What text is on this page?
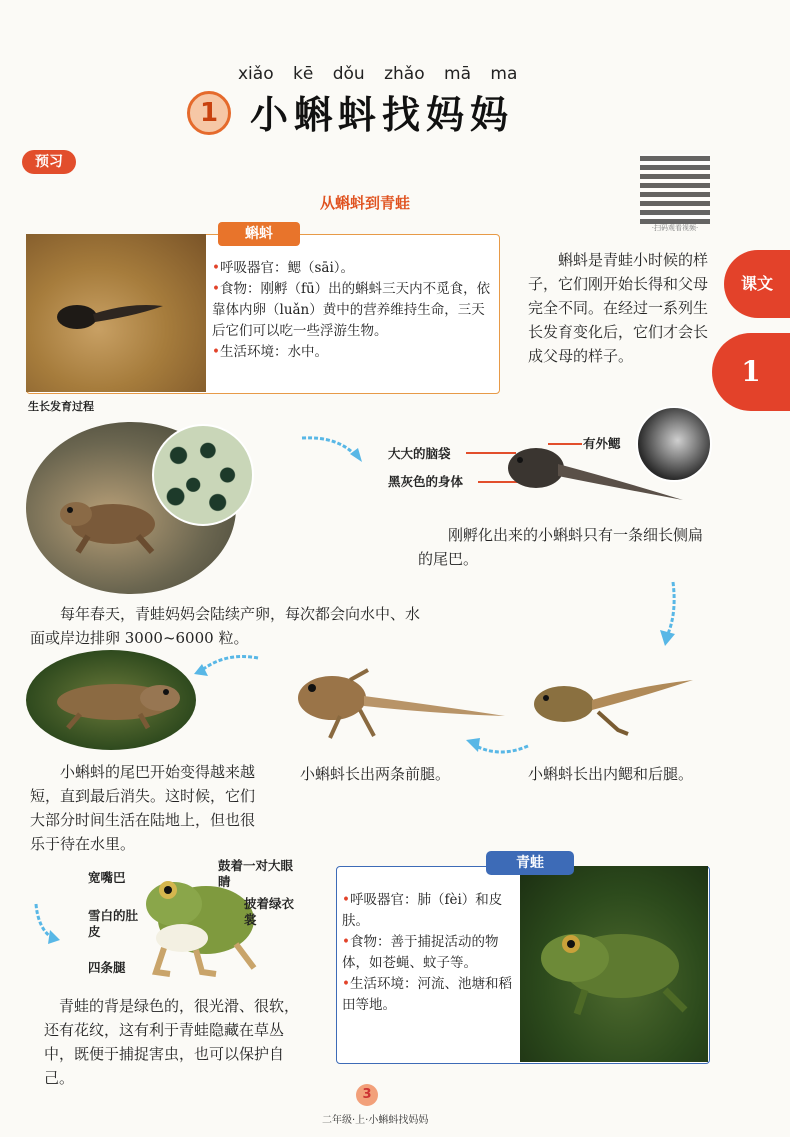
xiǎo kē dǒu zhǎo mā ma
1 小蝌蚪找妈妈
预习
·扫码观看视频·
从蝌蚪到青蛙
蝌蚪
•呼吸器官：鳃（sāi）。
•食物：刚孵（fū）出的蝌蚪三天内不觅食，依靠体内卵（luǎn）黄中的营养维持生命，三天后它们可以吃一些浮游生物。
•生活环境：水中。
蝌蚪是青蛙小时候的样子，它们刚开始长得和父母完全不同。在经过一系列生长发育变化后，它们才会长成父母的样子。
课文
1
生长发育过程
大大的脑袋
黑灰色的身体
有外鳃
刚孵化出来的小蝌蚪只有一条细长侧扁的尾巴。
每年春天，青蛙妈妈会陆续产卵，每次都会向水中、水面或岸边排卵 3000~6000 粒。
小蝌蚪长出两条前腿。	小蝌蚪长出内鳃和后腿。
小蝌蚪的尾巴开始变得越来越短，直到最后消失。这时候，它们大部分时间生活在陆地上，但也很乐于待在水里。
宽嘴巴
鼓着一对大眼睛
雪白的肚皮
披着绿衣裳
四条腿
青蛙的背是绿色的，很光滑、很软，还有花纹，这有利于青蛙隐藏在草丛中，既便于捕捉害虫，也可以保护自己。
青蛙
•呼吸器官：肺（fèi）和皮肤。
•食物：善于捕捉活动的物体，如苍蝇、蚊子等。
•生活环境：河流、池塘和稻田等地。
3
二年级·上·小蝌蚪找妈妈
